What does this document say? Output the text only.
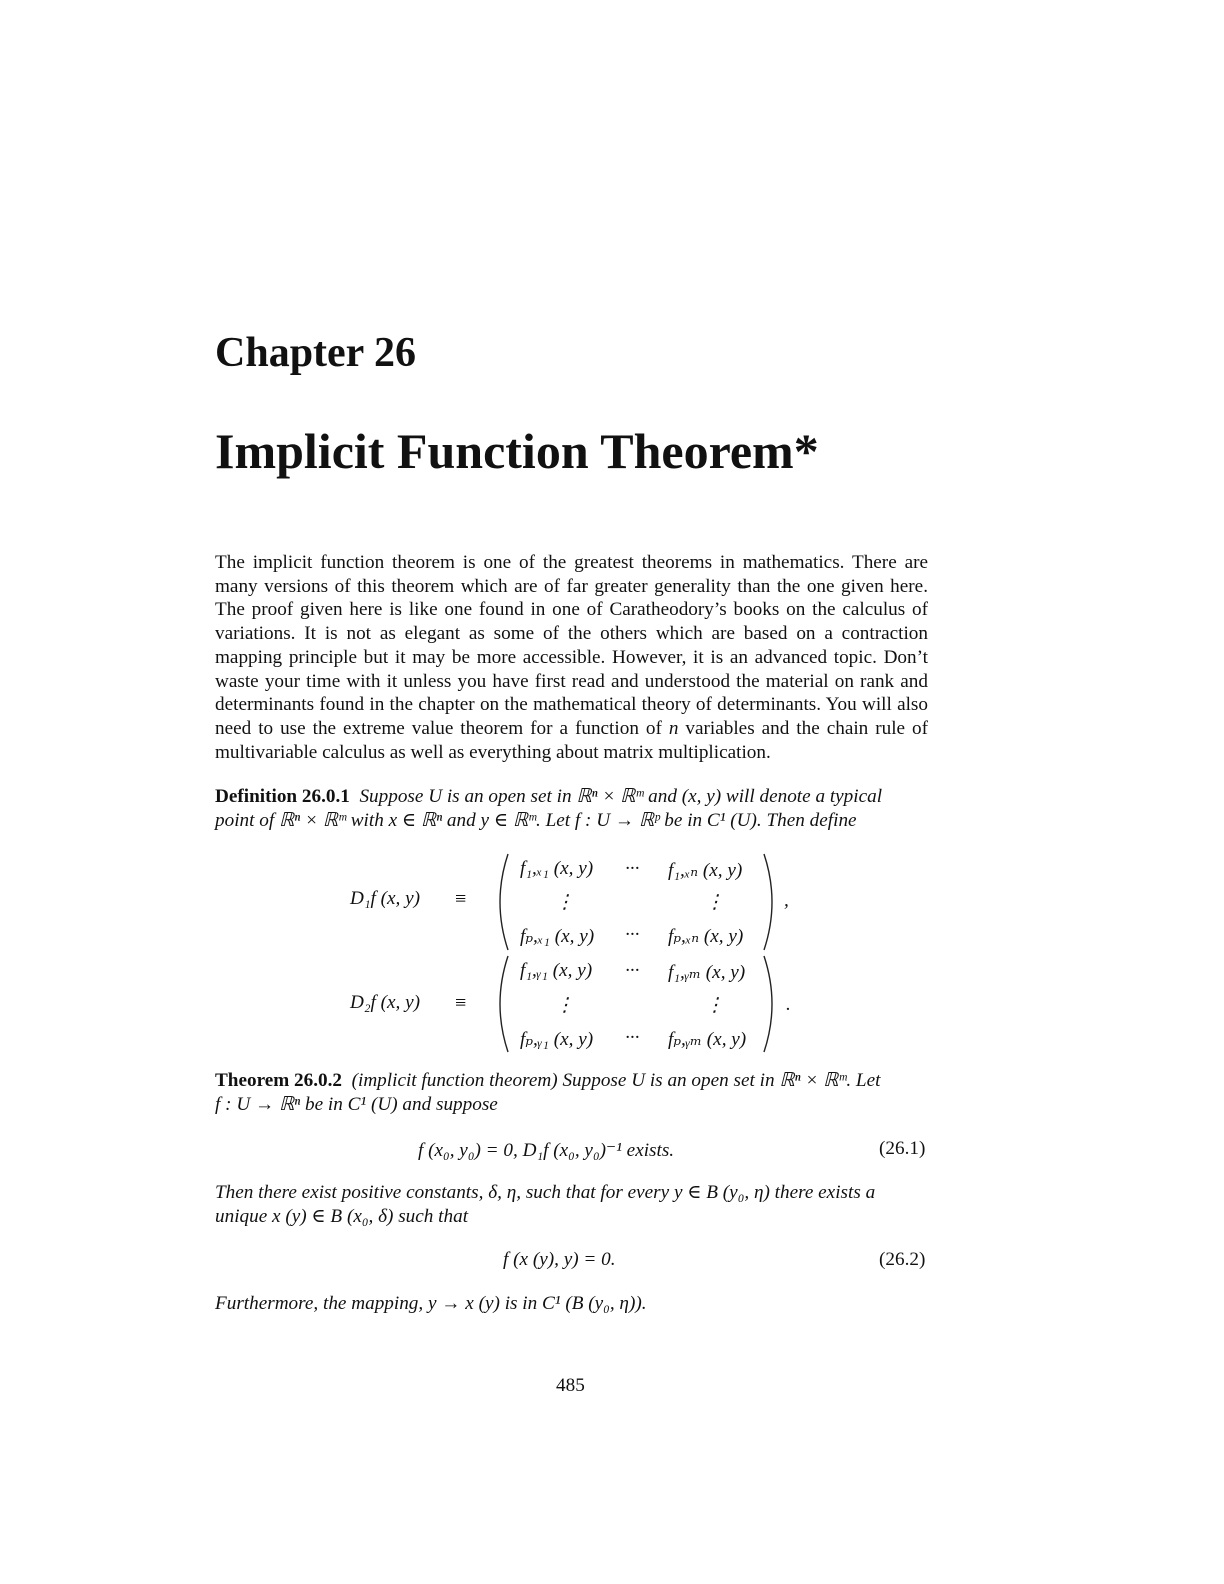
Chapter 26
Implicit Function Theorem*

The implicit function theorem is one of the greatest theorems in mathematics. There are many versions of this theorem which are of far greater generality than the one given here. The proof given here is like one found in one of Caratheodory’s books on the calculus of variations. It is not as elegant as some of the others which are based on a contraction mapping principle but it may be more accessible. However, it is an advanced topic. Don’t waste your time with it unless you have first read and understood the material on rank and determinants found in the chapter on the mathematical theory of determinants. You will also need to use the extreme value theorem for a function of n variables and the chain rule of multivariable calculus as well as everything about matrix multiplication.

Definition 26.0.1 Suppose U is an open set in ℝⁿ × ℝᵐ and (x, y) will denote a typical
point of ℝⁿ × ℝᵐ with x ∈ ℝⁿ and y ∈ ℝᵐ. Let f : U → ℝᵖ be in C¹ (U). Then define
D₁f (x, y) ≡
f₁,ₓ₁ (x, y) ··· f₁,ₓₙ (x, y)
⋮	⋮
fₚ,ₓ₁ (x, y) ··· fₚ,ₓₙ (x, y)
,
D₂f (x, y) ≡
f₁,ᵧ₁ (x, y) ··· f₁,ᵧₘ (x, y)
⋮	⋮
fₚ,ᵧ₁ (x, y) ··· fₚ,ᵧₘ (x, y)
.
Theorem 26.0.2 (implicit function theorem) Suppose U is an open set in ℝⁿ × ℝᵐ. Let
f : U → ℝⁿ be in C¹ (U) and suppose
f (x₀, y₀) = 0, D₁f (x₀, y₀)⁻¹ exists.	(26.1)
Then there exist positive constants, δ, η, such that for every y ∈ B (y₀, η) there exists a
unique x (y) ∈ B (x₀, δ) such that
f (x (y), y) = 0.	(26.2)
Furthermore, the mapping, y → x (y) is in C¹ (B (y₀, η)).
485
